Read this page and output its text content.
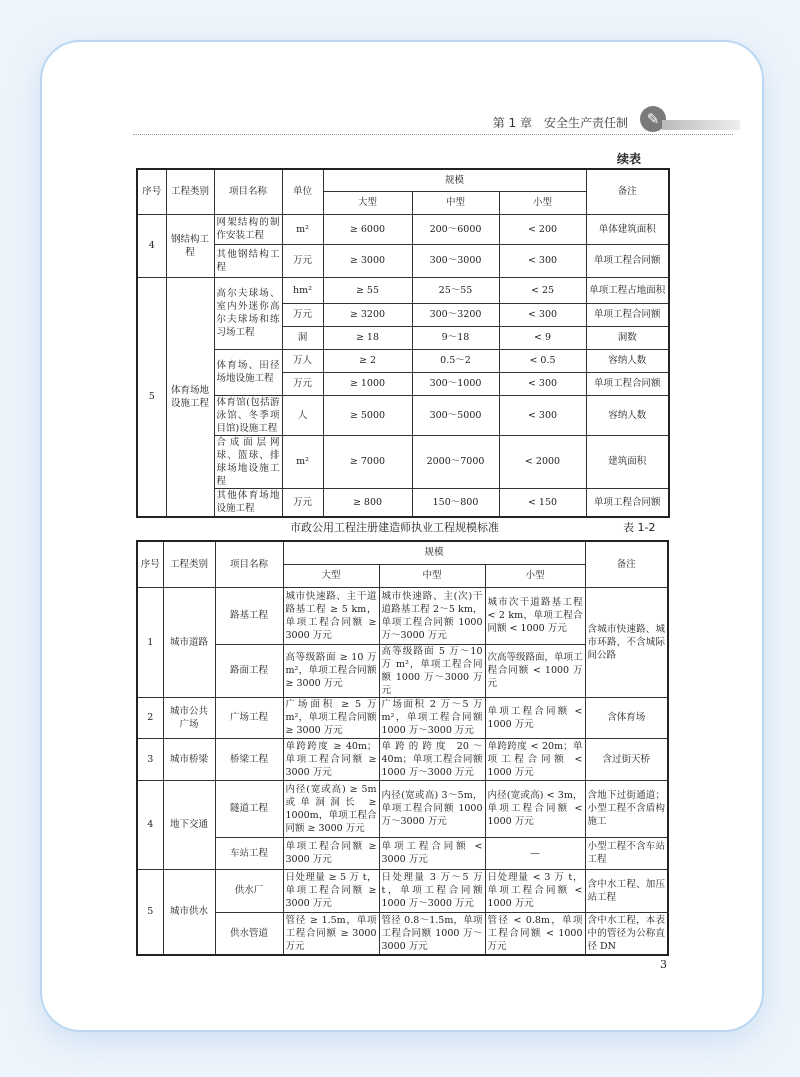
第 1 章　安全生产责任制	✎
续表
序号	工程类别	项目名称	单位	规模			备注
				大型	中型	小型	
4	钢结构工程	网架结构的制作安装工程	m²	≥ 6000	200～6000	< 200	单体建筑面积
		其他钢结构工程	万元	≥ 3000	300～3000	< 300	单项工程合同额
5	体育场地设施工程	高尔夫球场、室内外迷你高尔夫球场和练习场工程	hm²	≥ 55	25～55	< 25	单项工程占地面积
			万元	≥ 3200	300～3200	< 300	单项工程合同额
			洞	≥ 18	9～18	< 9	洞数
		体育场、田径场地设施工程	万人	≥ 2	0.5～2	< 0.5	容纳人数
			万元	≥ 1000	300～1000	< 300	单项工程合同额
		体育馆(包括游泳馆、冬季项目馆)设施工程	人	≥ 5000	300～5000	< 300	容纳人数
		合成面层网球、篮球、排球场地设施工程	m²	≥ 7000	2000～7000	< 2000	建筑面积
		其他体育场地设施工程	万元	≥ 800	150～800	< 150	单项工程合同额
市政公用工程注册建造师执业工程规模标准	表 1-2
序号	工程类别	项目名称	规模			备注
			大型	中型	小型	
1	城市道路	路基工程	城市快速路、主干道路基工程 ≥ 5 km，单项工程合同额 ≥ 3000 万元	城市快速路、主(次)干道路基工程 2～5 km，单项工程合同额 1000 万～3000 万元	城市次干道路基工程 < 2 km，单项工程合同额 < 1000 万元	含城市快速路、城市环路，不含城际间公路
		路面工程	高等级路面 ≥ 10 万 m²，单项工程合同额 ≥ 3000 万元	高等级路面 5 万～10 万 m²，单项工程合同额 1000 万～3000 万元	次高等级路面，单项工程合同额 < 1000 万元	
2	城市公共广场	广场工程	广场面积 ≥ 5 万 m²，单项工程合同额 ≥ 3000 万元	广场面积 2 万～5 万 m²，单项工程合同额 1000 万～3000 万元	单项工程合同额 < 1000 万元	含体育场
3	城市桥梁	桥梁工程	单跨跨度 ≥ 40m；单项工程合同额 ≥ 3000 万元	单跨的跨度 20～40m；单项工程合同额 1000 万～3000 万元	单跨跨度 < 20m；单项工程合同额 < 1000 万元	含过街天桥
4	地下交通	隧道工程	内径(宽或高) ≥ 5m 或单洞洞长 ≥ 1000m，单项工程合同额 ≥ 3000 万元	内径(宽或高) 3～5m，单项工程合同额 1000 万～3000 万元	内径(宽或高) < 3m，单项工程合同额 < 1000 万元	含地下过街通道；小型工程不含盾构施工
		车站工程	单项工程合同额 ≥ 3000 万元	单项工程合同额 < 3000 万元	—	小型工程不含车站工程
5	城市供水	供水厂	日处理量 ≥ 5 万 t，单项工程合同额 ≥ 3000 万元	日处理量 3 万～5 万 t，单项工程合同额 1000 万～3000 万元	日处理量 < 3 万 t，单项工程合同额 < 1000 万元	含中水工程、加压站工程
		供水管道	管径 ≥ 1.5m，单项工程合同额 ≥ 3000 万元	管径 0.8～1.5m，单项工程合同额 1000 万～3000 万元	管径 < 0.8m，单项工程合同额 < 1000 万元	含中水工程，本表中的管径为公称直径 DN
3
